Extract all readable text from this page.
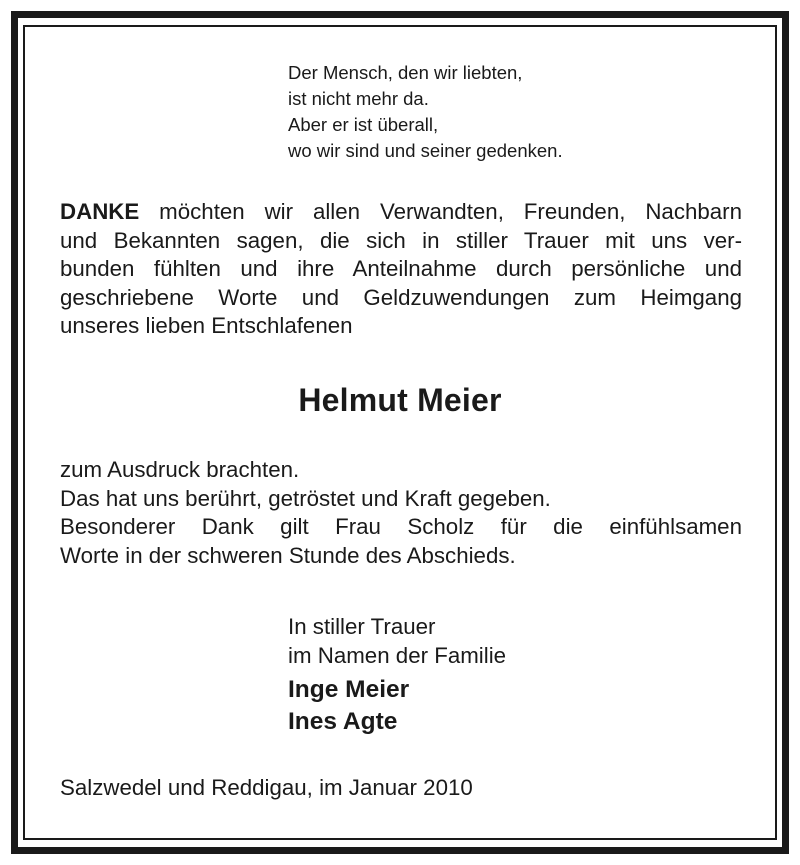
Der Mensch, den wir liebten,
ist nicht mehr da.
Aber er ist überall,
wo wir sind und seiner gedenken.
DANKE möchten wir allen Verwandten, Freunden, Nachbarn
und Bekannten sagen, die sich in stiller Trauer mit uns ver-
bunden fühlten und ihre Anteilnahme durch persönliche und
geschriebene Worte und Geldzuwendungen zum Heimgang
unseres lieben Entschlafenen
Helmut Meier
zum Ausdruck brachten.
Das hat uns berührt, getröstet und Kraft gegeben.
Besonderer Dank gilt Frau Scholz für die einfühlsamen
Worte in der schweren Stunde des Abschieds.
In stiller Trauer
im Namen der Familie
Inge Meier
Ines Agte
Salzwedel und Reddigau, im Januar 2010
